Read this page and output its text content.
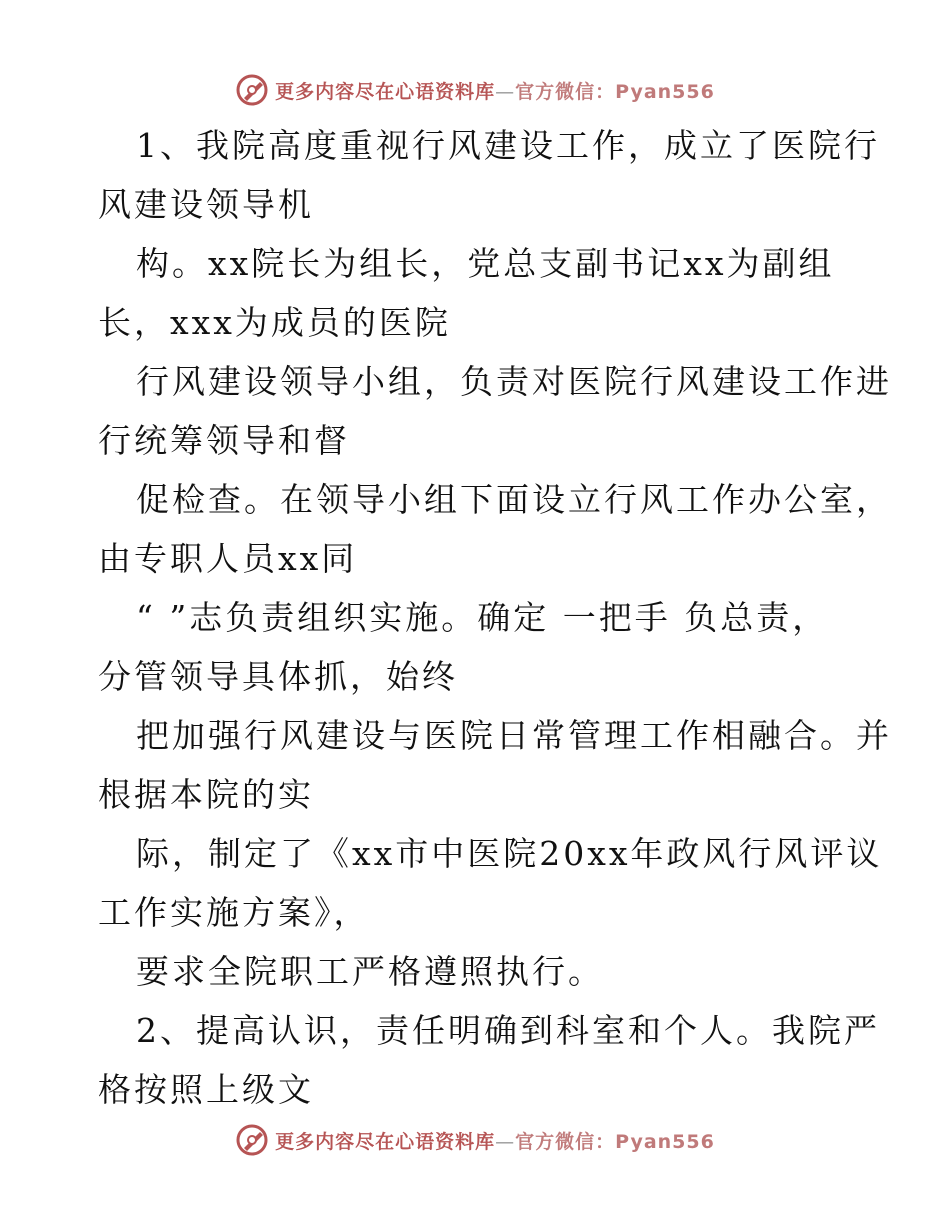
更多内容尽在心语资料库—官方微信：Pyan556
1、我院高度重视行风建设工作，成立了医院行
风建设领导机
构。xx院长为组长，党总支副书记xx为副组
长，xxx为成员的医院
行风建设领导小组，负责对医院行风建设工作进
行统筹领导和督
促检查。在领导小组下面设立行风工作办公室，
由专职人员xx同
“ ”志负责组织实施。确定 一把手 负总责，
分管领导具体抓，始终
把加强行风建设与医院日常管理工作相融合。并
根据本院的实
际，制定了《xx市中医院20xx年政风行风评议
工作实施方案》，
要求全院职工严格遵照执行。
2、提高认识，责任明确到科室和个人。我院严
格按照上级文
更多内容尽在心语资料库—官方微信：Pyan556
